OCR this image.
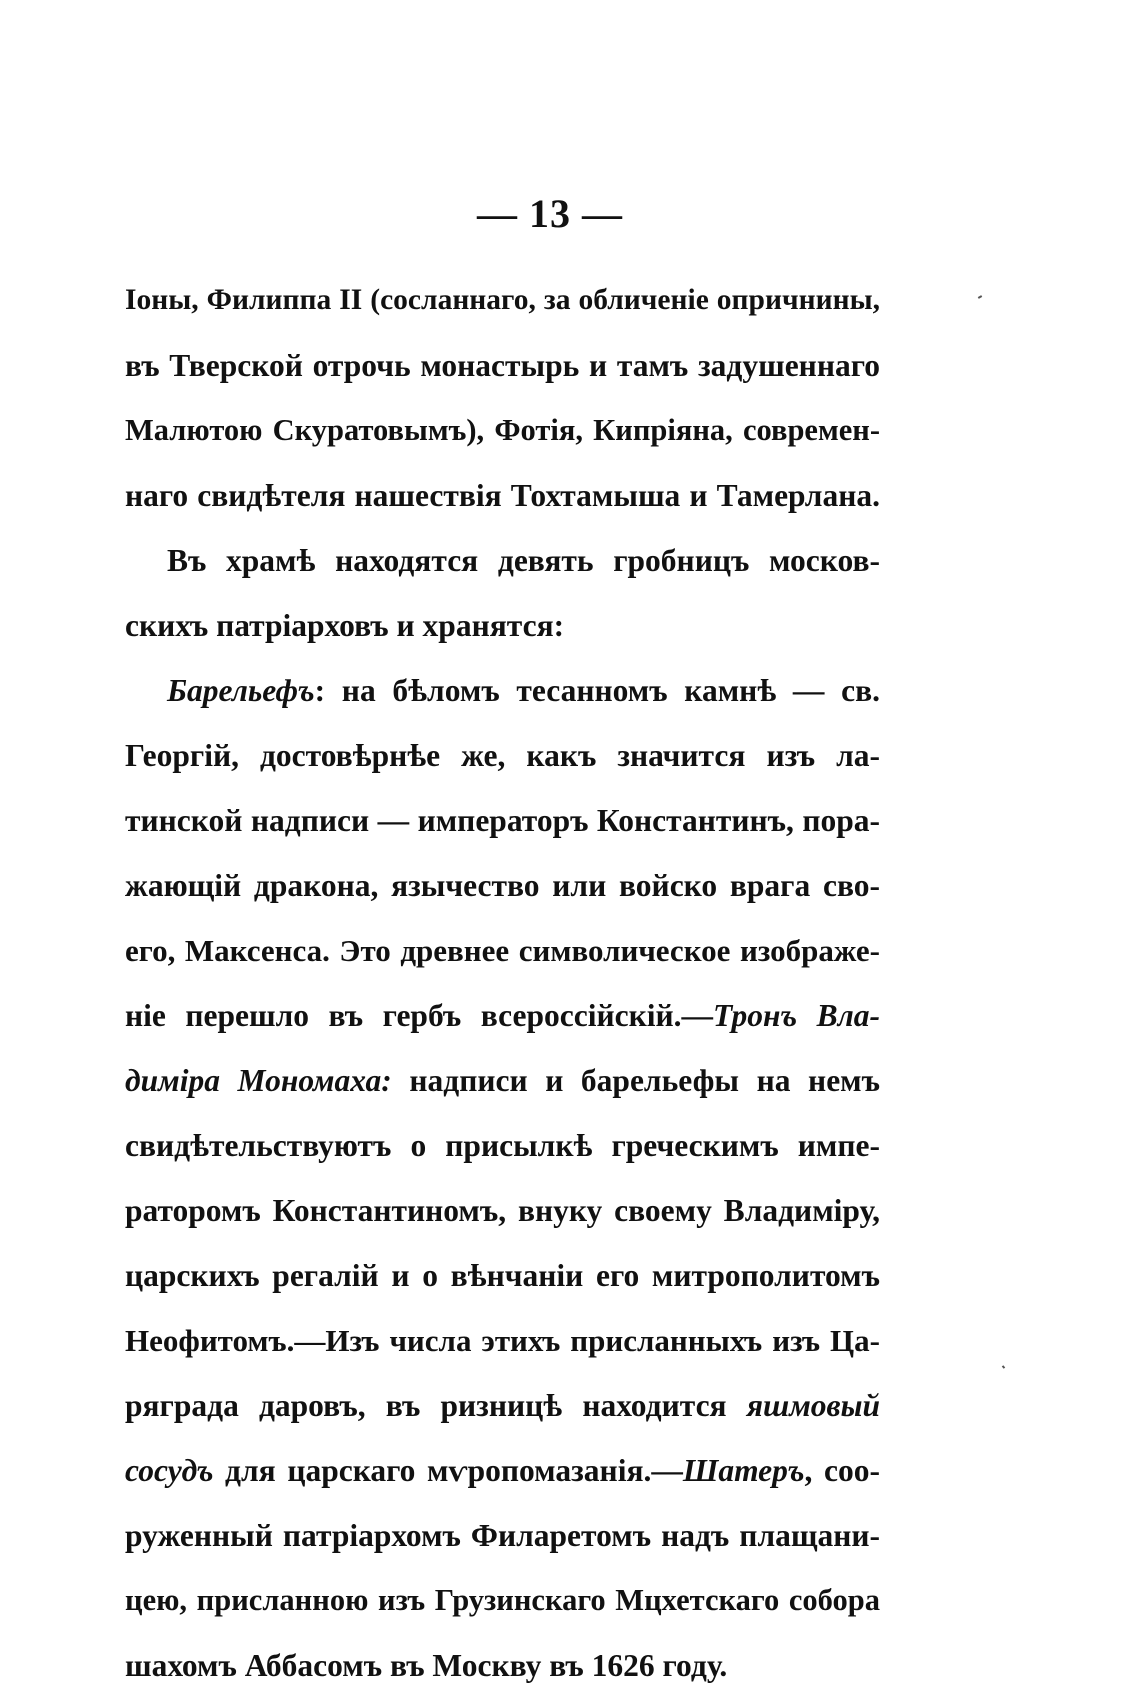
— 13 —
Іоны, Филиппа II (сосланнаго, за обличеніе опричнины,
въ Тверской отрочь монастырь и тамъ задушеннаго
Малютою Скуратовымъ), Фотія, Кипріяна, современ-
наго свидѣтеля нашествія Тохтамыша и Тамерлана.
Въ храмѣ находятся девять гробницъ москов-
скихъ патріарховъ и хранятся:
Барельефъ: на бѣломъ тесанномъ камнѣ — св.
Георгій, достовѣрнѣе же, какъ значится изъ ла-
тинской надписи — императоръ Константинъ, пора-
жающій дракона, язычество или войско врага сво-
его, Максенса. Это древнее символическое изображе-
ніе перешло въ гербъ всероссійскій.—Тронъ Вла-
диміра Мономаха: надписи и барельефы на немъ
свидѣтельствуютъ о присылкѣ греческимъ импе-
раторомъ Константиномъ, внуку своему Владиміру,
царскихъ регалій и о вѣнчаніи его митрополитомъ
Неофитомъ.—Изъ числа этихъ присланныхъ изъ Ца-
ряграда даровъ, въ ризницѣ находится яшмовый
сосудъ для царскаго мѵропомазанія.—Шатеръ, соо-
руженный патріархомъ Филаретомъ надъ плащани-
цею, присланною изъ Грузинскаго Мцхетскаго собора
шахомъ Аббасомъ въ Москву въ 1626 году.
